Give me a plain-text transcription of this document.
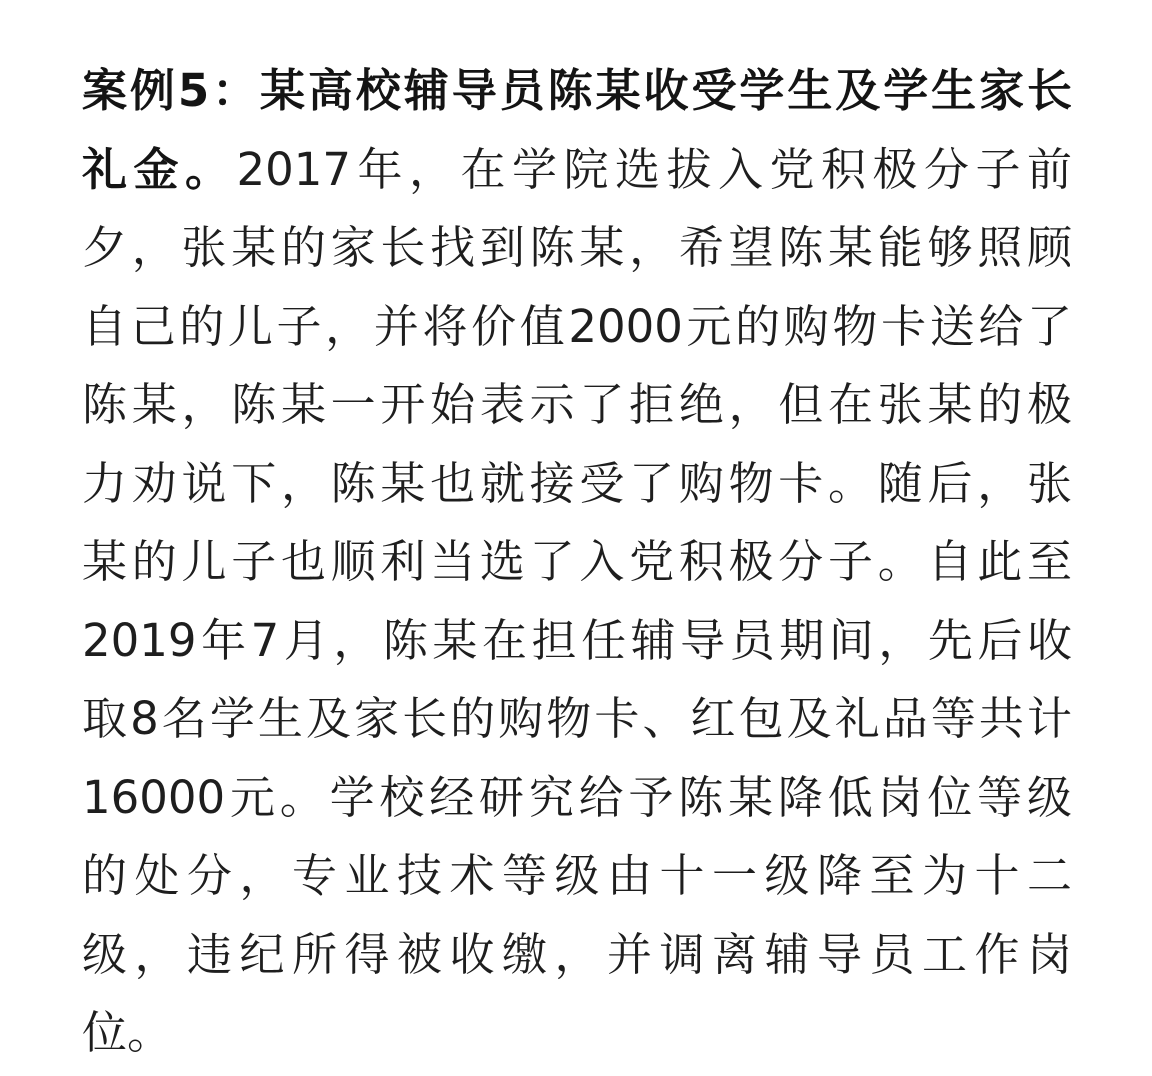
案例5：某高校辅导员陈某收受学生及学生家长
礼金。2017年，在学院选拔入党积极分子前
夕，张某的家长找到陈某，希望陈某能够照顾
自己的儿子，并将价值2000元的购物卡送给了
陈某，陈某一开始表示了拒绝，但在张某的极
力劝说下，陈某也就接受了购物卡。随后，张
某的儿子也顺利当选了入党积极分子。自此至
2019年7月，陈某在担任辅导员期间，先后收
取8名学生及家长的购物卡、红包及礼品等共计
16000元。学校经研究给予陈某降低岗位等级
的处分，专业技术等级由十一级降至为十二
级，违纪所得被收缴，并调离辅导员工作岗
位。
